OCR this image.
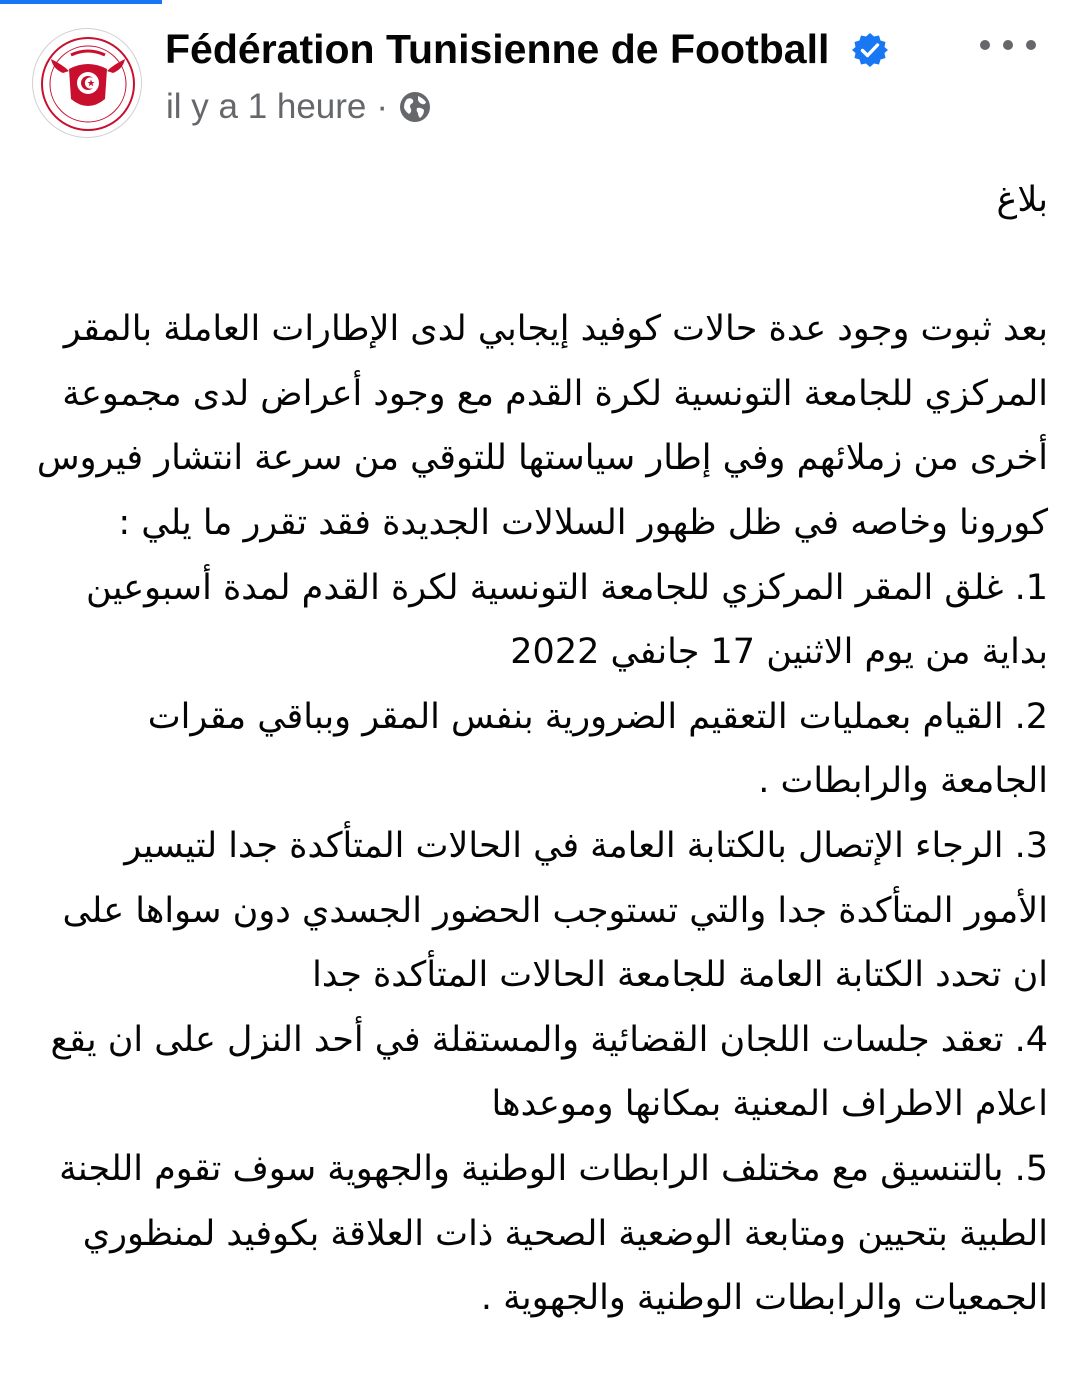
Fédération Tunisienne de Football
il y a 1 heure ·

بلاغ

بعد ثبوت وجود عدة حالات كوفيد إيجابي لدى الإطارات العاملة بالمقر المركزي للجامعة التونسية لكرة القدم مع وجود أعراض لدى مجموعة أخرى من زملائهم وفي إطار سياستها للتوقي من سرعة انتشار فيروس كورونا وخاصه في ظل ظهور السلالات الجديدة فقد تقرر ما يلي :

1. غلق المقر المركزي للجامعة التونسية لكرة القدم لمدة أسبوعين بداية من يوم الاثنين 17 جانفي 2022

2. القيام بعمليات التعقيم الضرورية بنفس المقر وبباقي مقرات الجامعة والرابطات .

3. الرجاء الإتصال بالكتابة العامة في الحالات المتأكدة جدا لتيسير الأمور المتأكدة جدا والتي تستوجب الحضور الجسدي دون سواها على ان تحدد الكتابة العامة للجامعة الحالات المتأكدة جدا

4. تعقد جلسات اللجان القضائية والمستقلة في أحد النزل على ان يقع اعلام الاطراف المعنية بمكانها وموعدها

5. بالتنسيق مع مختلف الرابطات الوطنية والجهوية سوف تقوم اللجنة الطبية بتحيين ومتابعة الوضعية الصحية ذات العلاقة بكوفيد لمنظوري الجمعيات والرابطات الوطنية والجهوية .
